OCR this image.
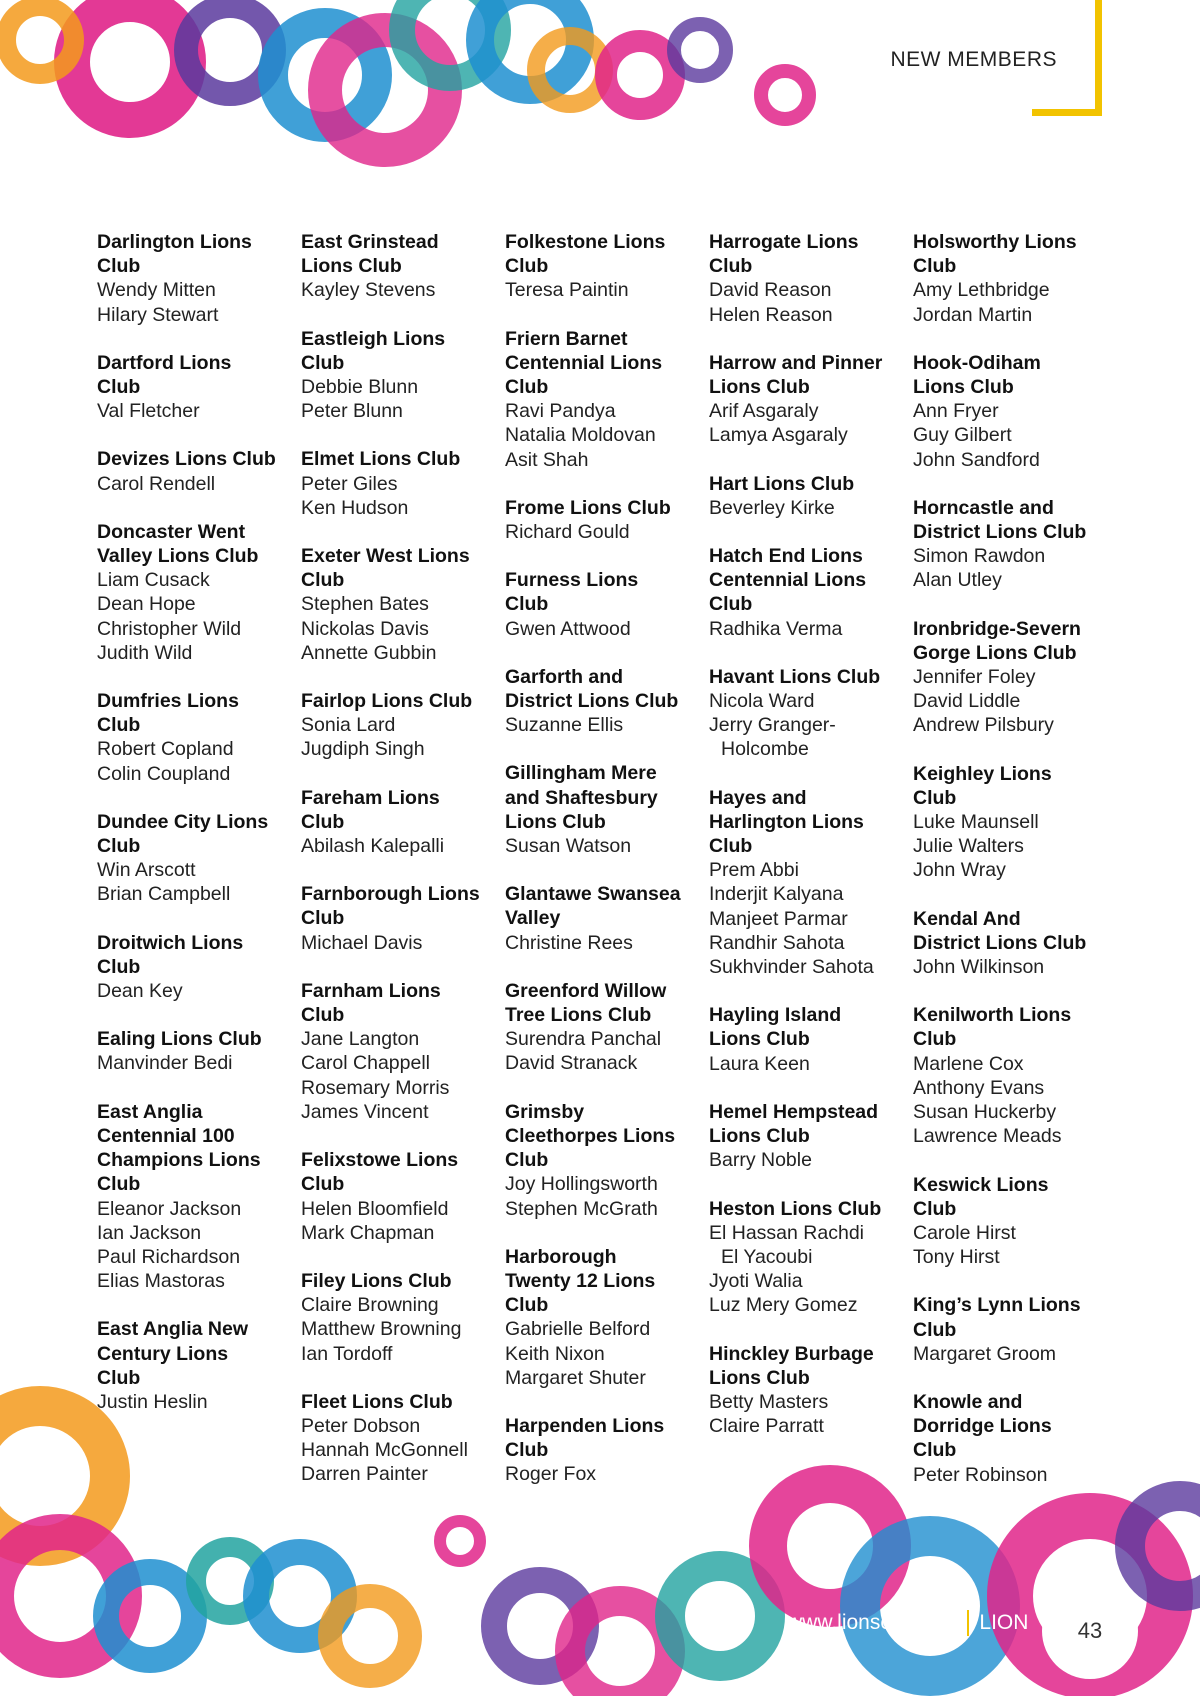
NEW MEMBERS
Darlington Lions
Club
Wendy Mitten
Hilary Stewart
Dartford Lions
Club
Val Fletcher
Devizes Lions Club
Carol Rendell
Doncaster Went
Valley Lions Club
Liam Cusack
Dean Hope
Christopher Wild
Judith Wild
Dumfries Lions
Club
Robert Copland
Colin Coupland
Dundee City Lions
Club
Win Arscott
Brian Campbell
Droitwich Lions
Club
Dean Key
Ealing Lions Club
Manvinder Bedi
East Anglia
Centennial 100
Champions Lions
Club
Eleanor Jackson
Ian Jackson
Paul Richardson
Elias Mastoras
East Anglia New
Century Lions
Club
Justin Heslin
East Grinstead
Lions Club
Kayley Stevens
Eastleigh Lions
Club
Debbie Blunn
Peter Blunn
Elmet Lions Club
Peter Giles
Ken Hudson
Exeter West Lions
Club
Stephen Bates
Nickolas Davis
Annette Gubbin
Fairlop Lions Club
Sonia Lard
Jugdiph Singh
Fareham Lions
Club
Abilash Kalepalli
Farnborough Lions
Club
Michael Davis
Farnham Lions
Club
Jane Langton
Carol Chappell
Rosemary Morris
James Vincent
Felixstowe Lions
Club
Helen Bloomfield
Mark Chapman
Filey Lions Club
Claire Browning
Matthew Browning
Ian Tordoff
Fleet Lions Club
Peter Dobson
Hannah McGonnell
Darren Painter
Folkestone Lions
Club
Teresa Paintin
Friern Barnet
Centennial Lions
Club
Ravi Pandya
Natalia Moldovan
Asit Shah
Frome Lions Club
Richard Gould
Furness Lions
Club
Gwen Attwood
Garforth and
District Lions Club
Suzanne Ellis
Gillingham Mere
and Shaftesbury
Lions Club
Susan Watson
Glantawe Swansea
Valley
Christine Rees
Greenford Willow
Tree Lions Club
Surendra Panchal
David Stranack
Grimsby
Cleethorpes Lions
Club
Joy Hollingsworth
Stephen McGrath
Harborough
Twenty 12 Lions
Club
Gabrielle Belford
Keith Nixon
Margaret Shuter
Harpenden Lions
Club
Roger Fox
Harrogate Lions
Club
David Reason
Helen Reason
Harrow and Pinner
Lions Club
Arif Asgaraly
Lamya Asgaraly
Hart Lions Club
Beverley Kirke
Hatch End Lions
Centennial Lions
Club
Radhika Verma
Havant Lions Club
Nicola Ward
Jerry Granger-
Holcombe
Hayes and
Harlington Lions
Club
Prem Abbi
Inderjit Kalyana
Manjeet Parmar
Randhir Sahota
Sukhvinder Sahota
Hayling Island
Lions Club
Laura Keen
Hemel Hempstead
Lions Club
Barry Noble
Heston Lions Club
El Hassan Rachdi
El Yacoubi
Jyoti Walia
Luz Mery Gomez
Hinckley Burbage
Lions Club
Betty Masters
Claire Parratt
Holsworthy Lions
Club
Amy Lethbridge
Jordan Martin
Hook-Odiham
Lions Club
Ann Fryer
Guy Gilbert
John Sandford
Horncastle and
District Lions Club
Simon Rawdon
Alan Utley
Ironbridge-Severn
Gorge Lions Club
Jennifer Foley
David Liddle
Andrew Pilsbury
Keighley Lions
Club
Luke Maunsell
Julie Walters
John Wray
Kendal And
District Lions Club
John Wilkinson
Kenilworth Lions
Club
Marlene Cox
Anthony Evans
Susan Huckerby
Lawrence Meads
Keswick Lions
Club
Carole Hirst
Tony Hirst
King’s Lynn Lions
Club
Margaret Groom
Knowle and
Dorridge Lions
Club
Peter Robinson
43
www.lionsclubs.co LION
